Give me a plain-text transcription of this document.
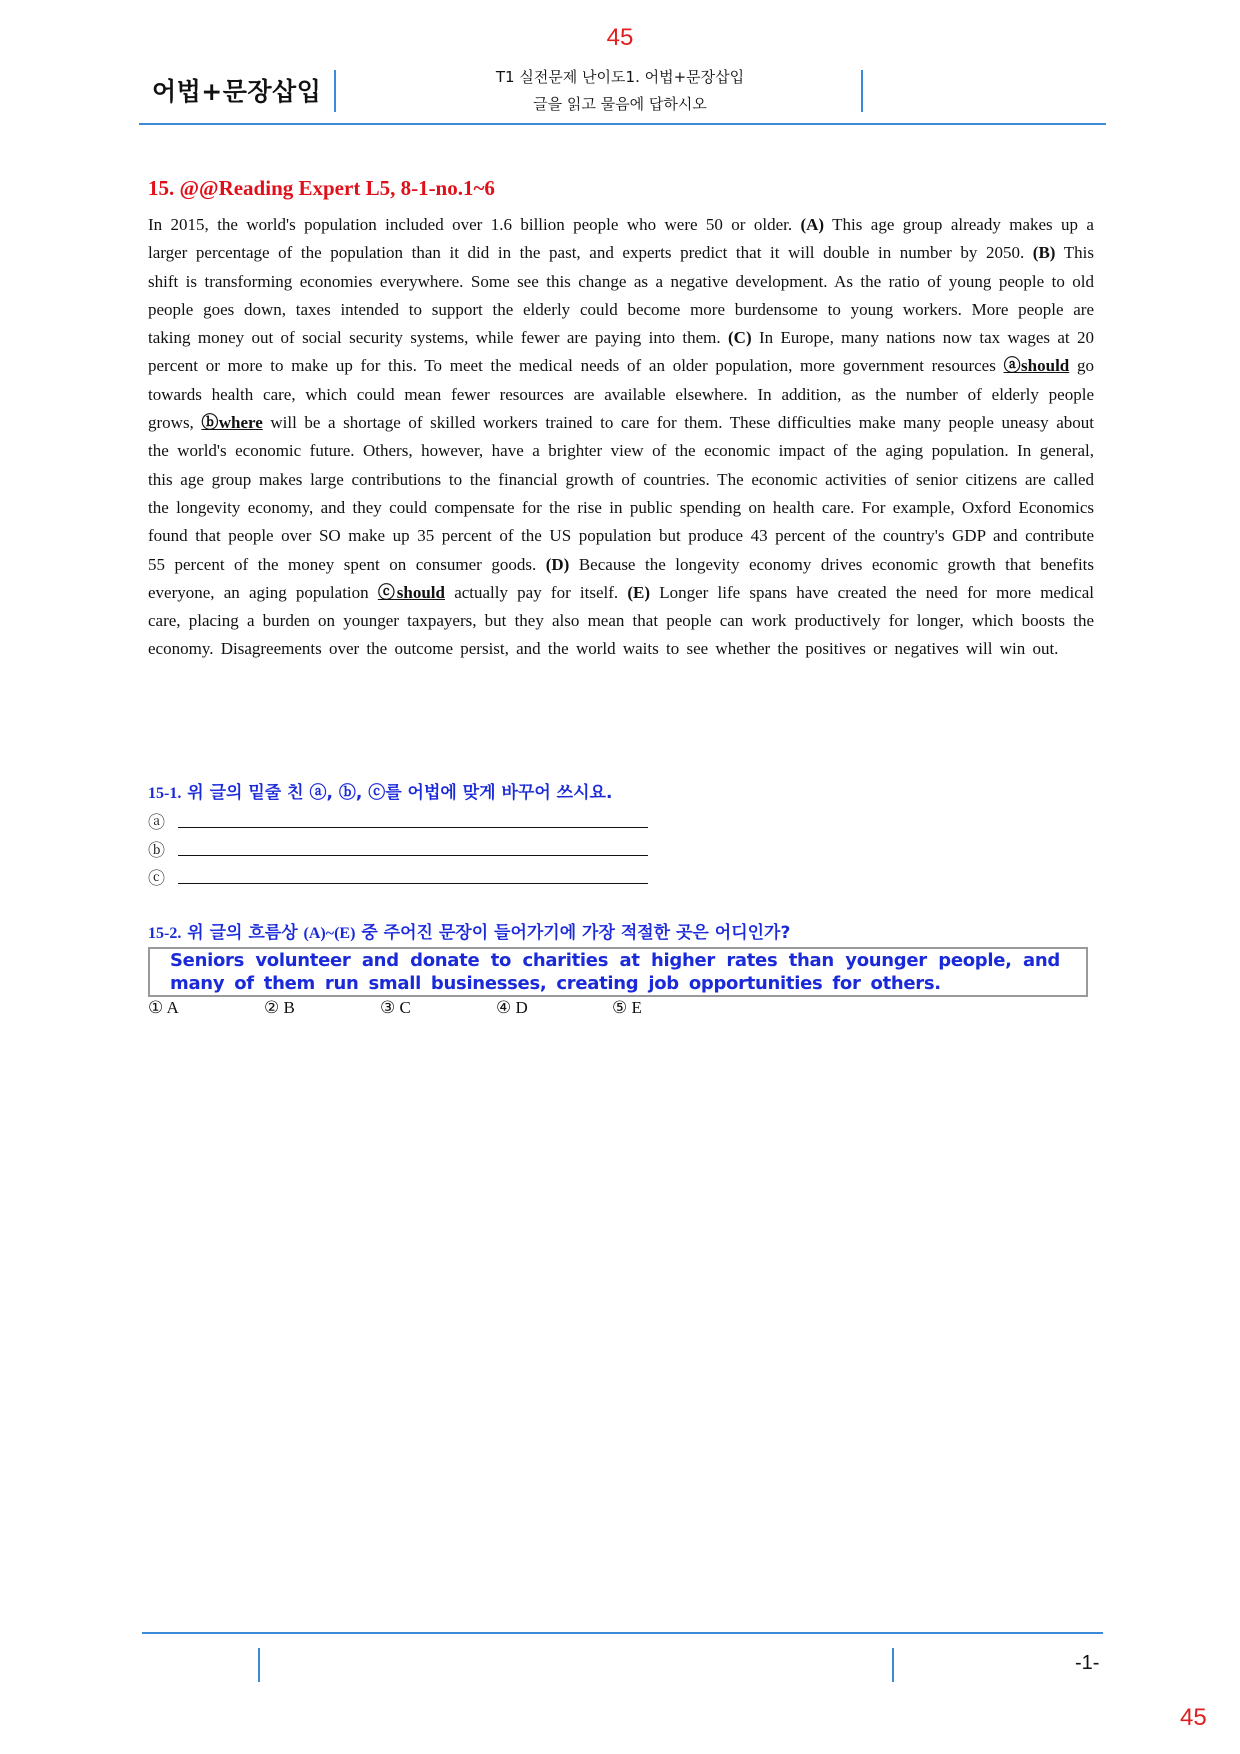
45
어법+문장삽입	T1 실전문제 난이도1. 어법+문장삽입
글을 읽고 물음에 답하시오
15. @@Reading Expert L5, 8-1-no.1~6
In 2015, the world's population included over 1.6 billion people who were 50 or older. (A) This age group already makes up a larger percentage of the population than it did in the past, and experts predict that it will double in number by 2050. (B) This shift is transforming economies everywhere. Some see this change as a negative development. As the ratio of young people to old people goes down, taxes intended to support the elderly could become more burdensome to young workers. More people are taking money out of social security systems, while fewer are paying into them. (C) In Europe, many nations now tax wages at 20 percent or more to make up for this. To meet the medical needs of an older population, more government resources ⓐshould go towards health care, which could mean fewer resources are available elsewhere. In addition, as the number of elderly people grows, ⓑwhere will be a shortage of skilled workers trained to care for them. These difficulties make many people uneasy about the world's economic future. Others, however, have a brighter view of the economic impact of the aging population. In general, this age group makes large contributions to the financial growth of countries. The economic activities of senior citizens are called the longevity economy, and they could compensate for the rise in public spending on health care. For example, Oxford Economics found that people over SO make up 35 percent of the US population but produce 43 percent of the country's GDP and contribute 55 percent of the money spent on consumer goods. (D) Because the longevity economy drives economic growth that benefits everyone, an aging population ⓒshould actually pay for itself. (E) Longer life spans have created the need for more medical care, placing a burden on younger taxpayers, but they also mean that people can work productively for longer, which boosts the economy. Disagreements over the outcome persist, and the world waits to see whether the positives or negatives will win out.
15-1. 위 글의 밑줄 친 ⓐ, ⓑ, ⓒ를 어법에 맞게 바꾸어 쓰시요.
ⓐ
ⓑ
ⓒ
15-2. 위 글의 흐름상 (A)~(E) 중 주어진 문장이 들어가기에 가장 적절한 곳은 어디인가?
Seniors volunteer and donate to charities at higher rates than younger people, and many of them run small businesses, creating job opportunities for others.
① A	② B	③ C	④ D	⑤ E
-1-
45
